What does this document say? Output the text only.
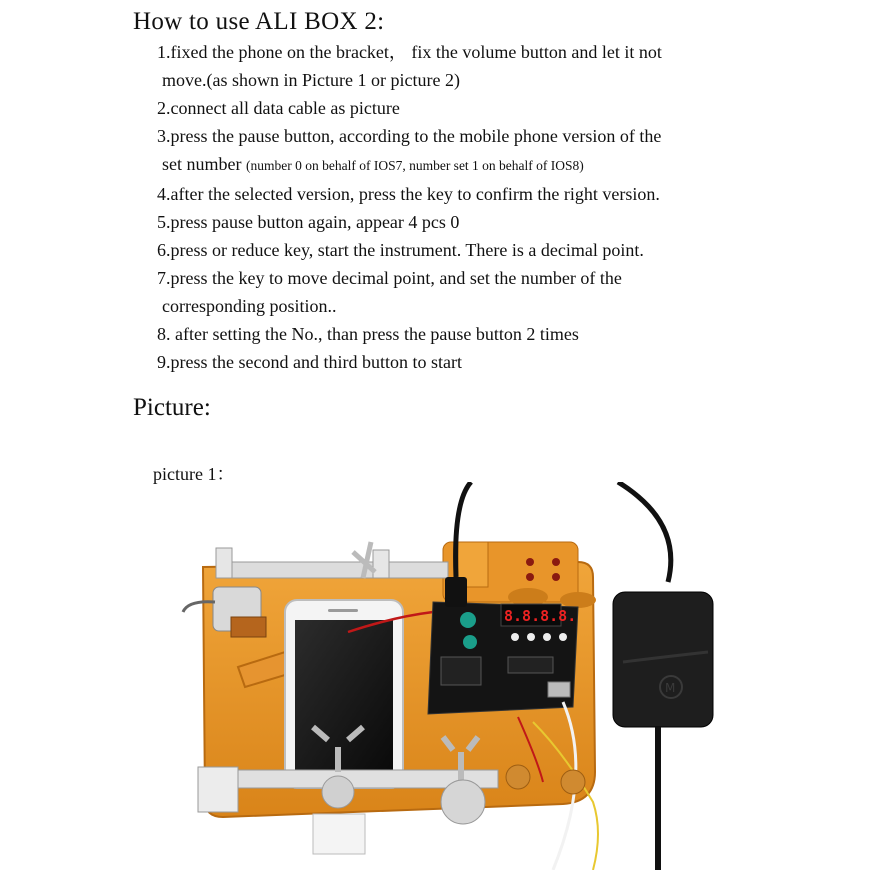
How to use ALI BOX 2:
1.fixed the phone on the bracket， fix the volume button and let it not
move.(as shown in Picture 1 or picture 2)
2.connect all data cable as picture
3.press the pause button, according to the mobile phone version of the
set number (number 0 on behalf of IOS7, number set 1 on behalf of IOS8)
4.after the selected version, press the key to confirm the right version.
5.press pause button again, appear 4 pcs 0
6.press or reduce key, start the instrument. There is a decimal point.
7.press the key to move decimal point, and set the number of the
corresponding position..
8. after setting the No., than press the pause button 2 times
9.press the second and third button to start
Picture:
picture 1：
8.8.8.8.
M
